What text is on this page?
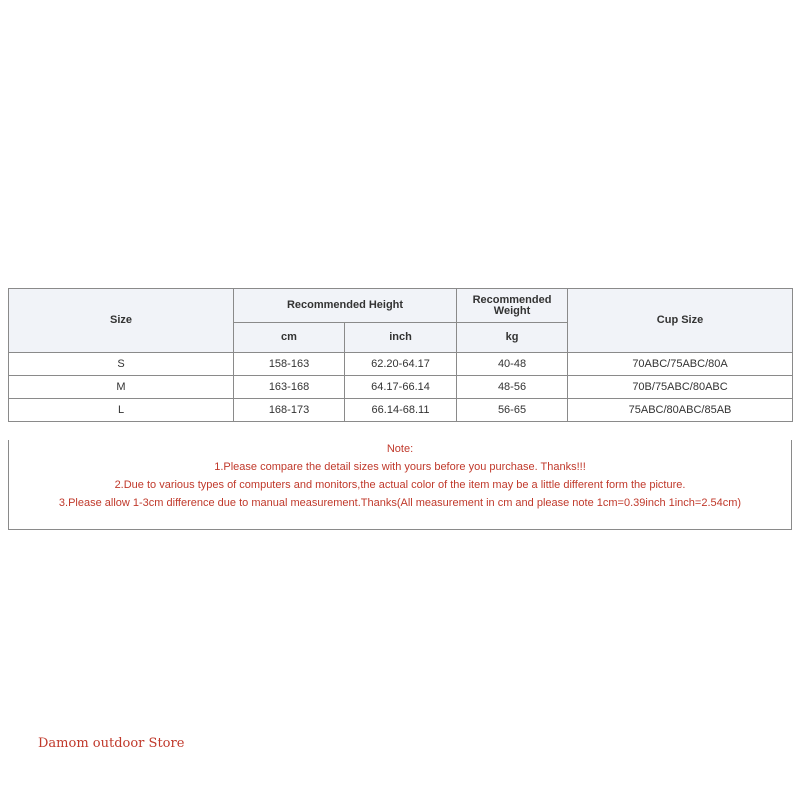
Size	Recommended Height		Recommended Weight	Cup Size
	cm	inch	kg	
S	158-163	62.20-64.17	40-48	70ABC/75ABC/80A
M	163-168	64.17-66.14	48-56	70B/75ABC/80ABC
L	168-173	66.14-68.11	56-65	75ABC/80ABC/85AB
Note:
1.Please compare the detail sizes with yours before you purchase. Thanks!!!
2.Due to various types of computers and monitors,the actual color of the item may be a little different form the picture.
3.Please allow 1-3cm difference due to manual measurement.Thanks(All measurement in cm and please note 1cm=0.39inch 1inch=2.54cm)
Damom outdoor Store
